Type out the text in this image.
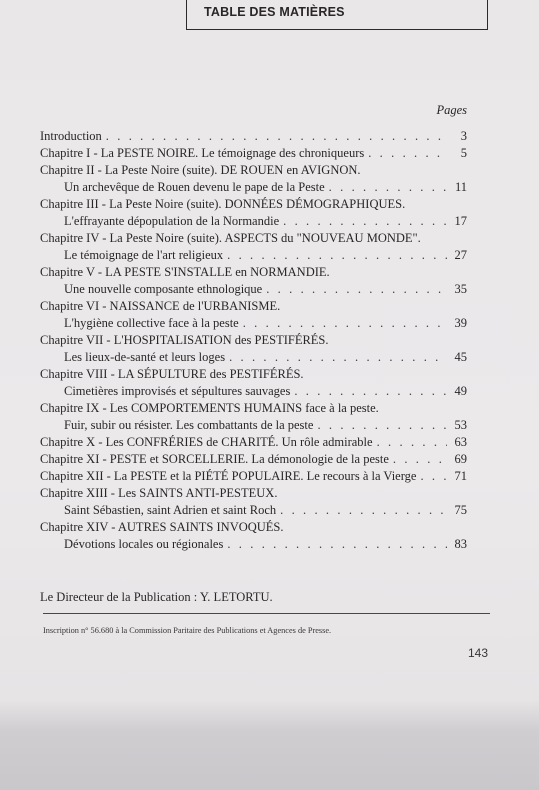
TABLE DES MATIÈRES
Pages
Introduction . . .	3
Chapitre I - La PESTE NOIRE. Le témoignage des chroniqueurs . . .	5
Chapitre II - La Peste Noire (suite). DE ROUEN en AVIGNON.
Un archevêque de Rouen devenu le pape de la Peste . . .	11
Chapitre III - La Peste Noire (suite). DONNÉES DÉMOGRAPHIQUES.
L'effrayante dépopulation de la Normandie . . .	17
Chapitre IV - La Peste Noire (suite). ASPECTS du "NOUVEAU MONDE".
Le témoignage de l'art religieux . . .	27
Chapitre V - LA PESTE S'INSTALLE en NORMANDIE.
Une nouvelle composante ethnologique . . .	35
Chapitre VI - NAISSANCE de l'URBANISME.
L'hygiène collective face à la peste . . .	39
Chapitre VII - L'HOSPITALISATION des PESTIFÉRÉS.
Les lieux-de-santé et leurs loges . . .	45
Chapitre VIII - LA SÉPULTURE des PESTIFÉRÉS.
Cimetières improvisés et sépultures sauvages . . .	49
Chapitre IX - Les COMPORTEMENTS HUMAINS face à la peste.
Fuir, subir ou résister. Les combattants de la peste . . .	53
Chapitre X - Les CONFRÉRIES de CHARITÉ. Un rôle admirable . . .	63
Chapitre XI - PESTE et SORCELLERIE. La démonologie de la peste . . .	69
Chapitre XII - La PESTE et la PIÉTÉ POPULAIRE. Le recours à la Vierge . . .	71
Chapitre XIII - Les SAINTS ANTI-PESTEUX.
Saint Sébastien, saint Adrien et saint Roch . . .	75
Chapitre XIV - AUTRES SAINTS INVOQUÉS.
Dévotions locales ou régionales . . .	83
Le Directeur de la Publication : Y. LETORTU.
Inscription n° 56.680 à la Commission Paritaire des Publications et Agences de Presse.
143
